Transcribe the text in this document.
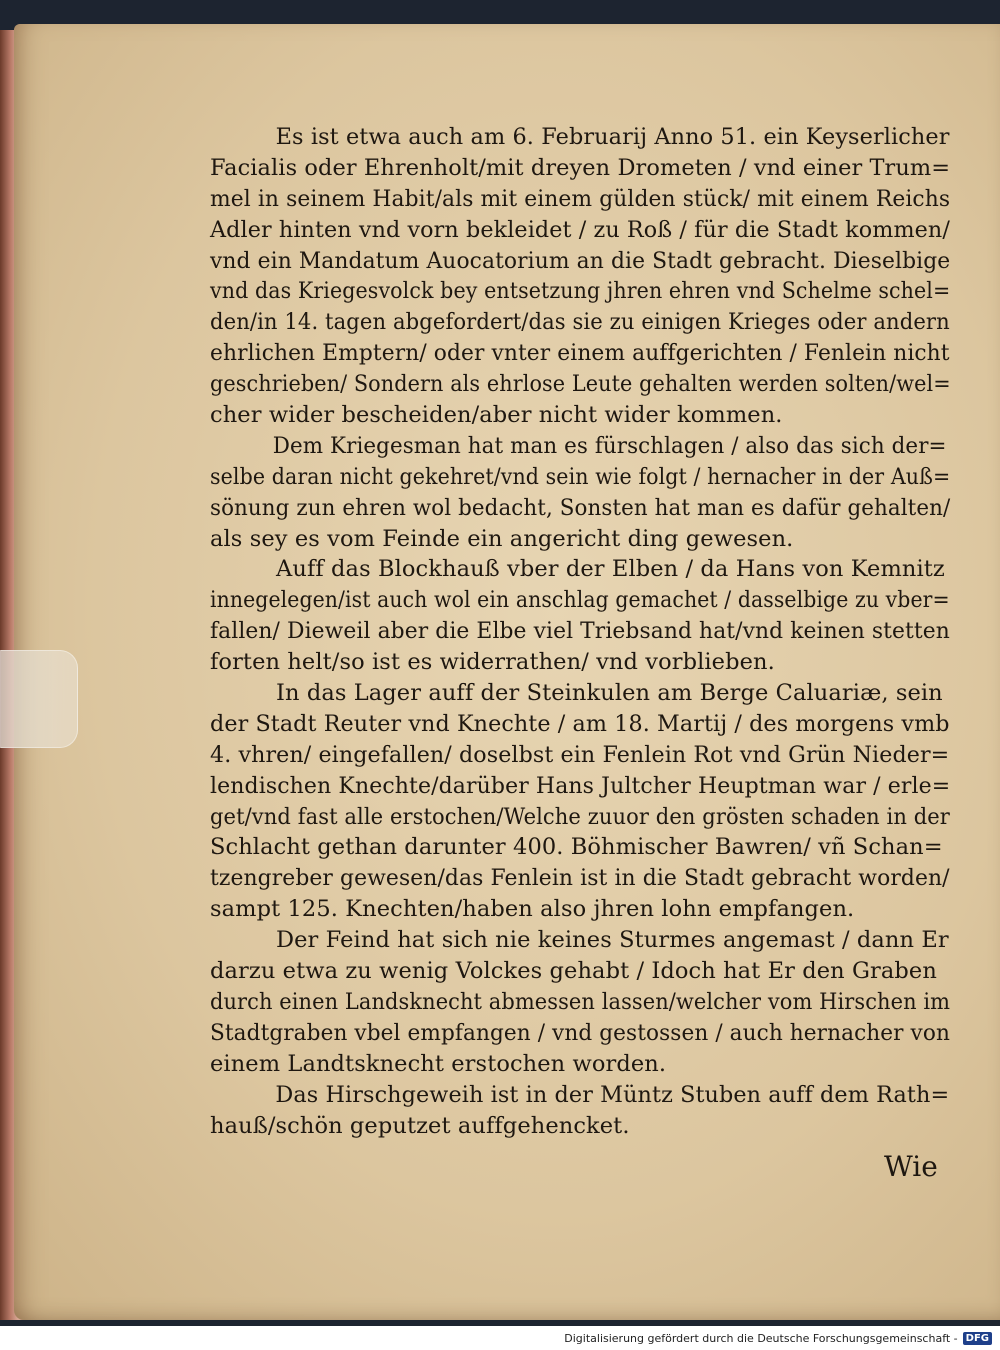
Es ist etwa auch am 6. Februarij Anno 51. ein Keyserlicher
Facialis oder Ehrenholt/mit dreyen Drometen / vnd einer Trum=
mel in seinem Habit/als mit einem gülden stück/ mit einem Reichs
Adler hinten vnd vorn bekleidet / zu Roß / für die Stadt kommen/
vnd ein Mandatum Auocatorium an die Stadt gebracht. Dieselbige
vnd das Kriegesvolck bey entsetzung jhren ehren vnd Schelme schel=
den/in 14. tagen abgefordert/das sie zu einigen Krieges oder andern
ehrlichen Emptern/ oder vnter einem auffgerichten / Fenlein nicht
geschrieben/ Sondern als ehrlose Leute gehalten werden solten/wel=
cher wider bescheiden/aber nicht wider kommen.
Dem Kriegesman hat man es fürschlagen / also das sich der=
selbe daran nicht gekehret/vnd sein wie folgt / hernacher in der Auß=
sönung zun ehren wol bedacht, Sonsten hat man es dafür gehalten/
als sey es vom Feinde ein angericht ding gewesen.
Auff das Blockhauß vber der Elben / da Hans von Kemnitz
innegelegen/ist auch wol ein anschlag gemachet / dasselbige zu vber=
fallen/ Dieweil aber die Elbe viel Triebsand hat/vnd keinen stetten
forten helt/so ist es widerrathen/ vnd vorblieben.
In das Lager auff der Steinkulen am Berge Caluariæ, sein
der Stadt Reuter vnd Knechte / am 18. Martij / des morgens vmb
4. vhren/ eingefallen/ doselbst ein Fenlein Rot vnd Grün Nieder=
lendischen Knechte/darüber Hans Jultcher Heuptman war / erle=
get/vnd fast alle erstochen/Welche zuuor den grösten schaden in der
Schlacht gethan darunter 400. Böhmischer Bawren/ vñ Schan=
tzengreber gewesen/das Fenlein ist in die Stadt gebracht worden/
sampt 125. Knechten/haben also jhren lohn empfangen.
Der Feind hat sich nie keines Sturmes angemast / dann Er
darzu etwa zu wenig Volckes gehabt / Idoch hat Er den Graben
durch einen Landsknecht abmessen lassen/welcher vom Hirschen im
Stadtgraben vbel empfangen / vnd gestossen / auch hernacher von
einem Landtsknecht erstochen worden.
Das Hirschgeweih ist in der Müntz Stuben auff dem Rath=
hauß/schön geputzet auffgehencket.
Wie
Digitalisierung gefördert durch die Deutsche Forschungsgemeinschaft - DFG
